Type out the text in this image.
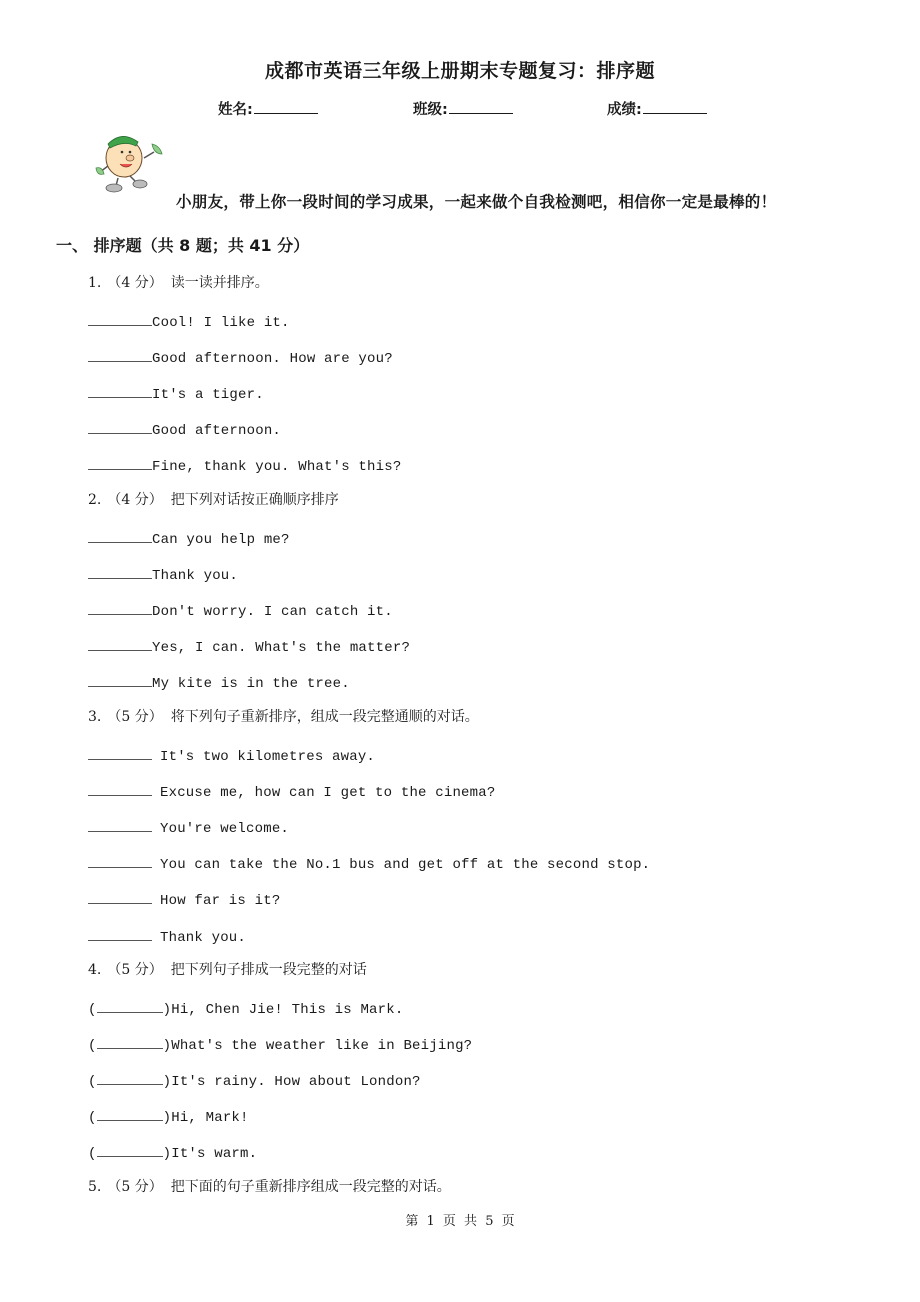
成都市英语三年级上册期末专题复习：排序题
姓名:	班级:	成绩:
小朋友，带上你一段时间的学习成果，一起来做个自我检测吧，相信你一定是最棒的！
一、 排序题（共 8 题；共 41 分）
1. （4 分） 读一读并排序。
Cool! I like it.
Good afternoon. How are you?
It's a tiger.
Good afternoon.
Fine, thank you. What's this?
2. （4 分） 把下列对话按正确顺序排序
Can you help me?
Thank you.
Don't worry. I can catch it.
Yes, I can. What's the matter?
My kite is in the tree.
3. （5 分） 将下列句子重新排序，组成一段完整通顺的对话。
It's two kilometres away.
Excuse me, how can I get to the cinema?
You're welcome.
You can take the No.1 bus and get off at the second stop.
How far is it?
Thank you.
4. （5 分） 把下列句子排成一段完整的对话
(	)Hi, Chen Jie! This is Mark.
(	)What's the weather like in Beijing?
(	)It's rainy. How about London?
(	)Hi, Mark!
(	)It's warm.
5. （5 分） 把下面的句子重新排序组成一段完整的对话。
第 1 页 共 5 页
